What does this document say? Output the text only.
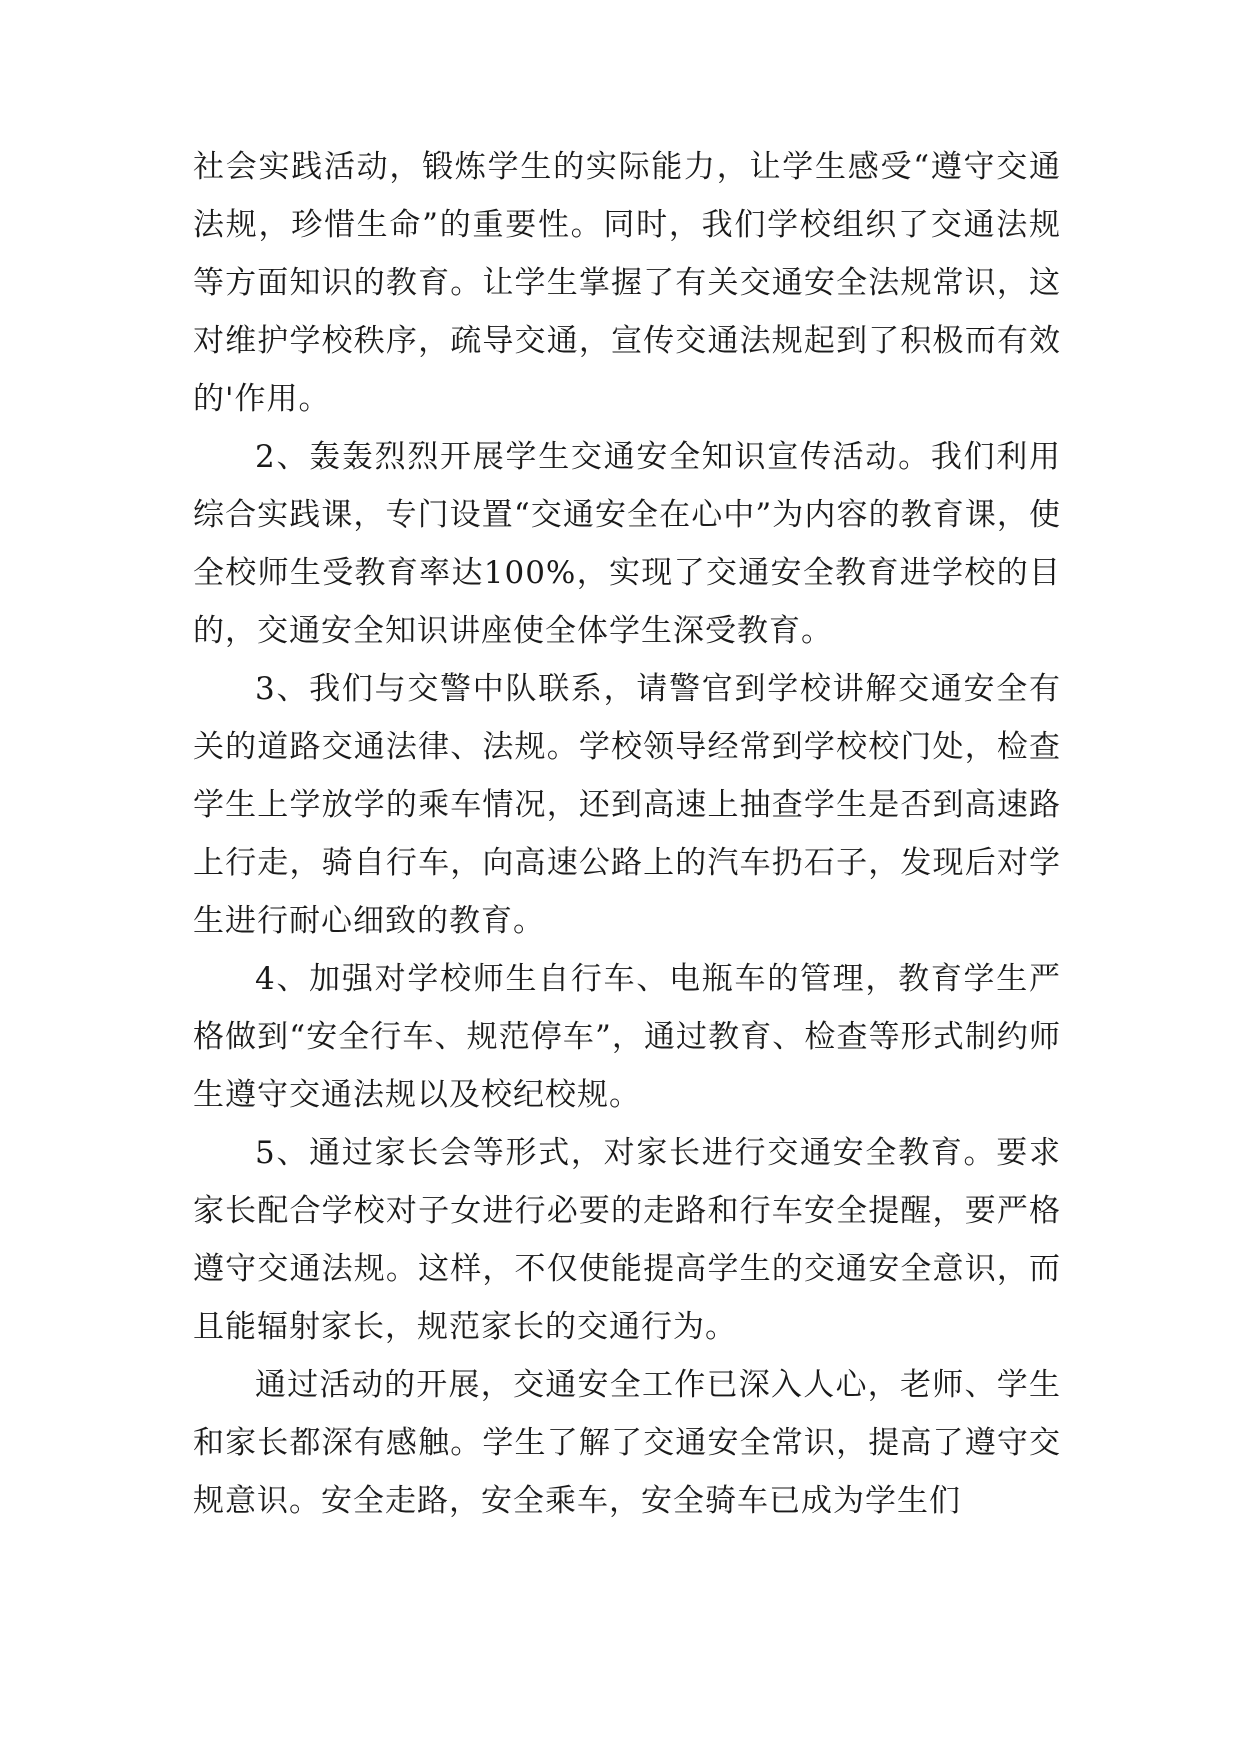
社会实践活动，锻炼学生的实际能力，让学生感受“遵守交通法规，珍惜生命”的重要性。同时，我们学校组织了交通法规等方面知识的教育。让学生掌握了有关交通安全法规常识，这对维护学校秩序，疏导交通，宣传交通法规起到了积极而有效的'作用。

2、轰轰烈烈开展学生交通安全知识宣传活动。我们利用综合实践课，专门设置“交通安全在心中”为内容的教育课，使全校师生受教育率达100%，实现了交通安全教育进学校的目的，交通安全知识讲座使全体学生深受教育。

3、我们与交警中队联系，请警官到学校讲解交通安全有关的道路交通法律、法规。学校领导经常到学校校门处，检查学生上学放学的乘车情况，还到高速上抽查学生是否到高速路上行走，骑自行车，向高速公路上的汽车扔石子，发现后对学生进行耐心细致的教育。

4、加强对学校师生自行车、电瓶车的管理，教育学生严格做到“安全行车、规范停车”，通过教育、检查等形式制约师生遵守交通法规以及校纪校规。

5、通过家长会等形式，对家长进行交通安全教育。要求家长配合学校对子女进行必要的走路和行车安全提醒，要严格遵守交通法规。这样，不仅使能提高学生的交通安全意识，而且能辐射家长，规范家长的交通行为。

通过活动的开展，交通安全工作已深入人心，老师、学生和家长都深有感触。学生了解了交通安全常识，提高了遵守交规意识。安全走路，安全乘车，安全骑车已成为学生们
